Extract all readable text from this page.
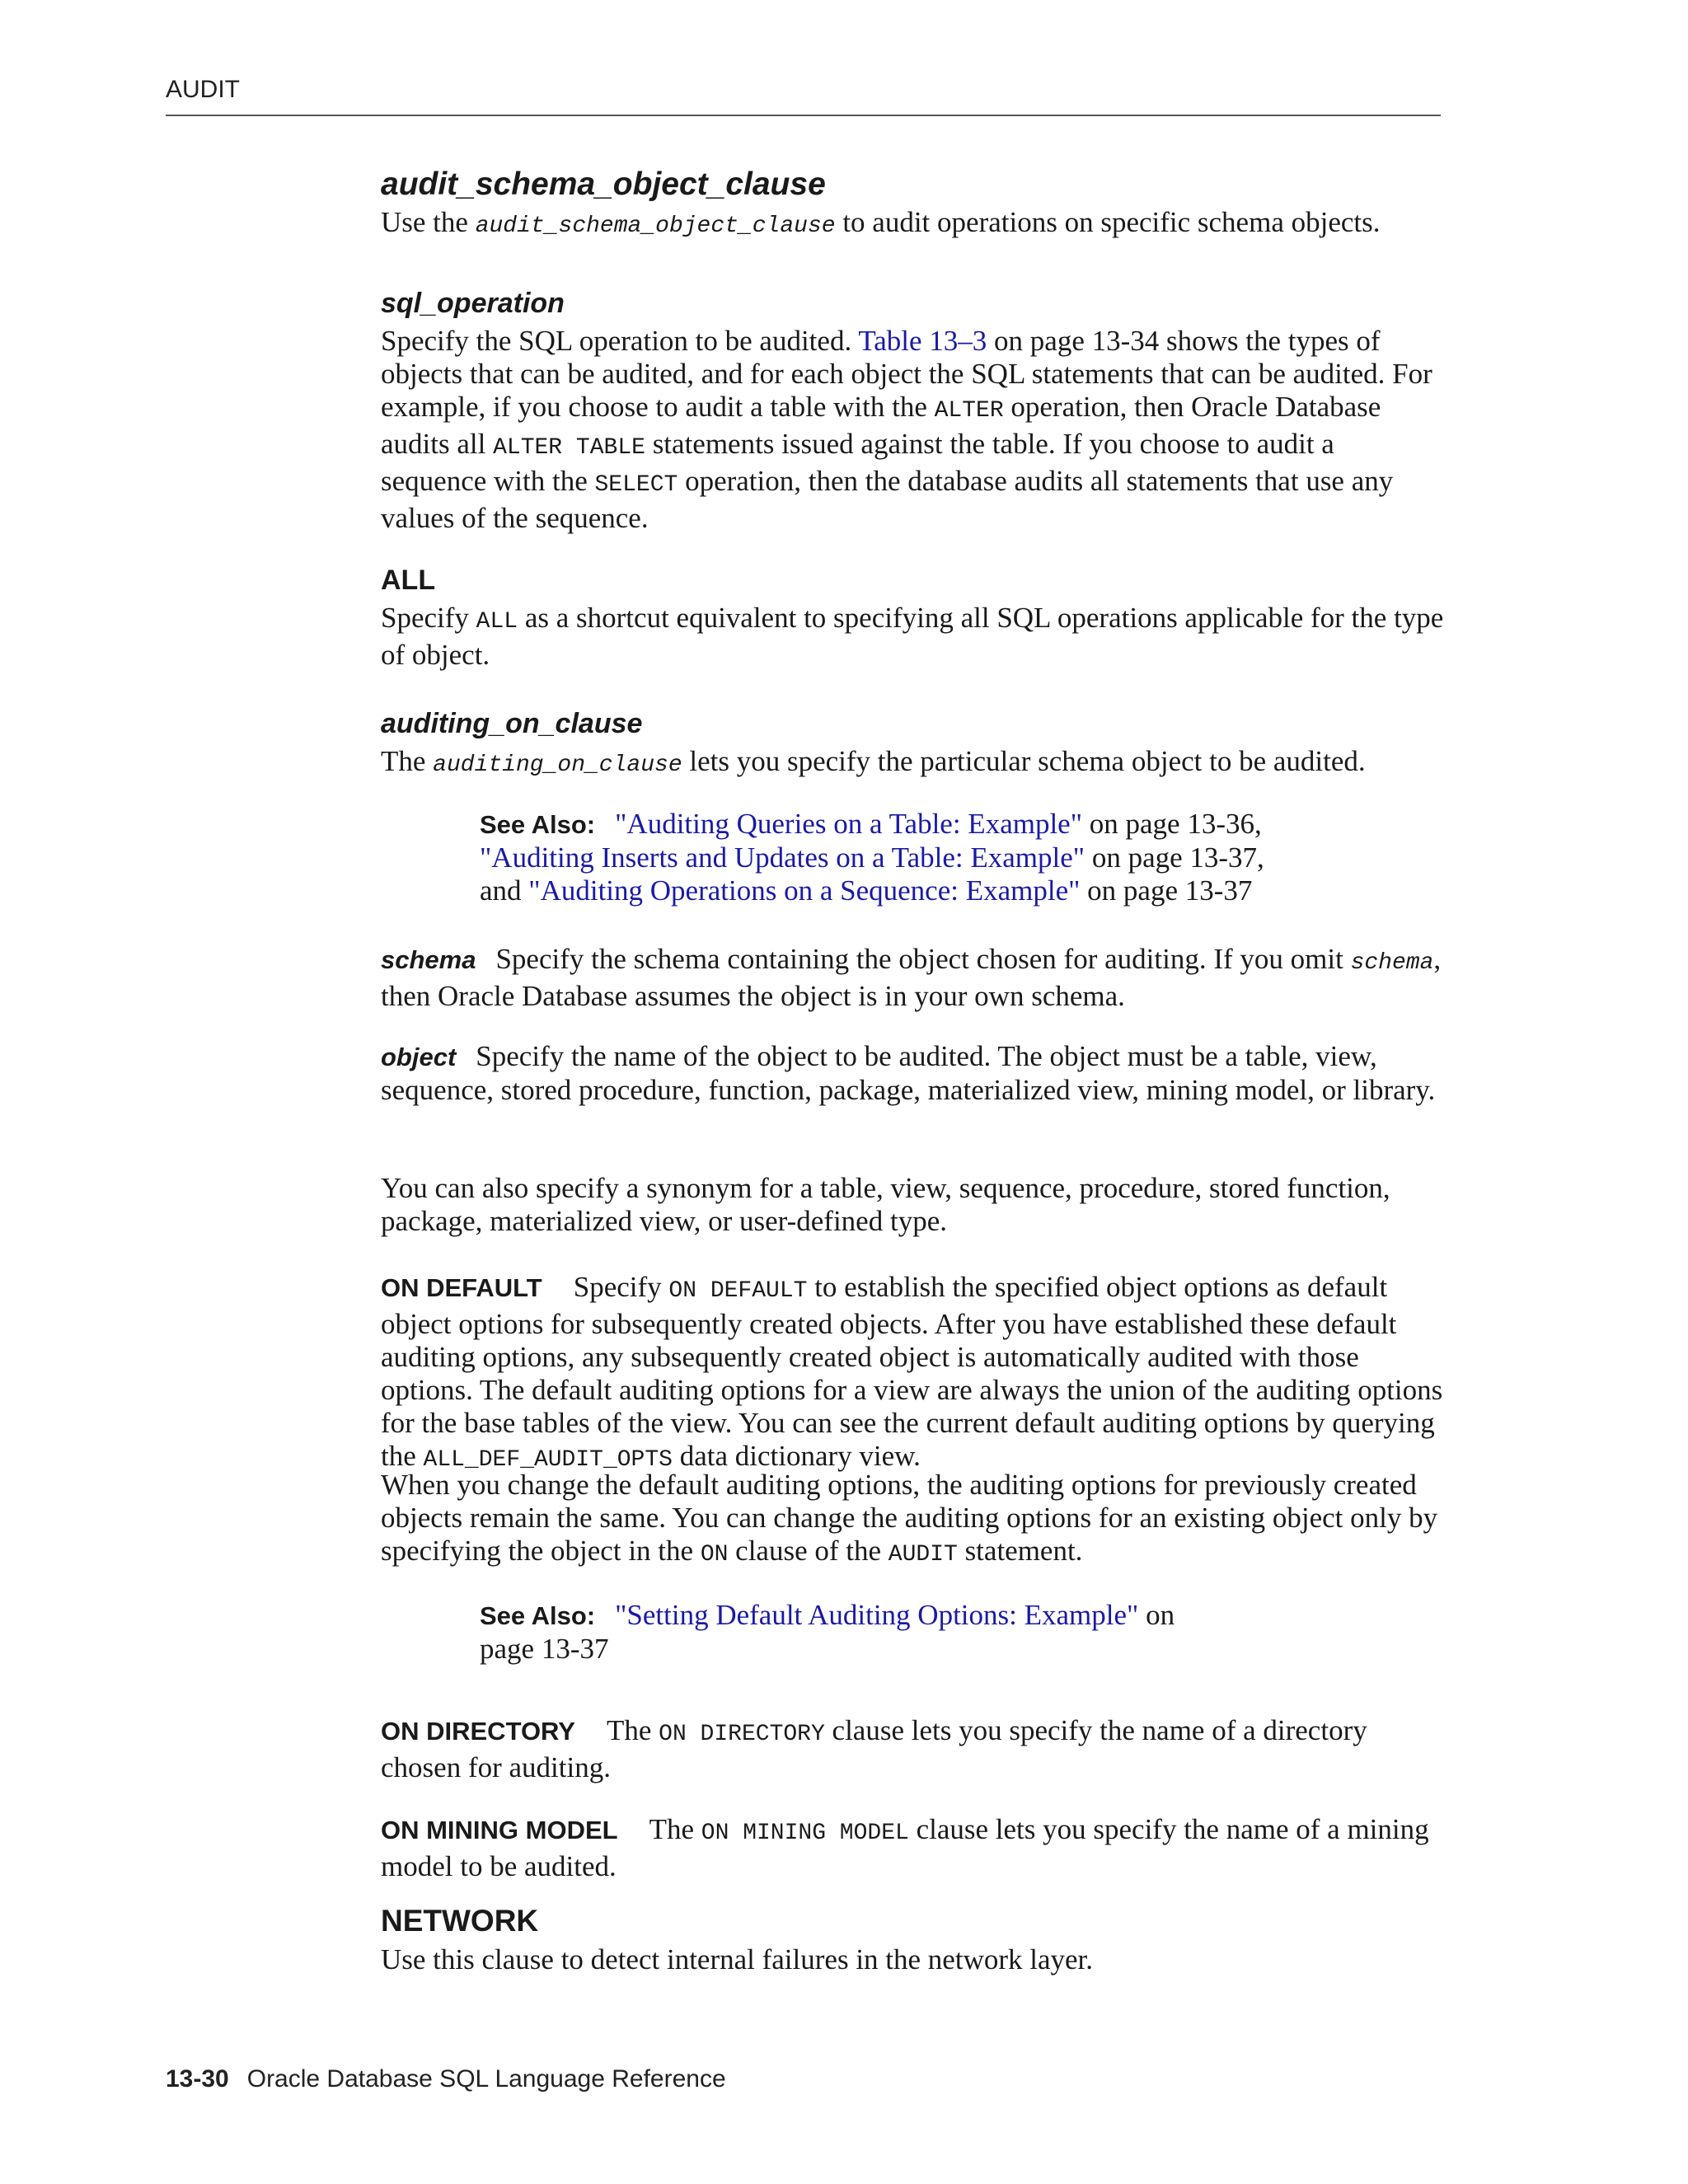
AUDIT
audit_schema_object_clause

Use the audit_schema_object_clause to audit operations on specific schema objects.

sql_operation

Specify the SQL operation to be audited. Table 13–3 on page 13-34 shows the types of objects that can be audited, and for each object the SQL statements that can be audited. For example, if you choose to audit a table with the ALTER operation, then Oracle Database audits all ALTER TABLE statements issued against the table. If you choose to audit a sequence with the SELECT operation, then the database audits all statements that use any values of the sequence.

ALL

Specify ALL as a shortcut equivalent to specifying all SQL operations applicable for the type of object.

auditing_on_clause

The auditing_on_clause lets you specify the particular schema object to be audited.

See Also: "Auditing Queries on a Table: Example" on page 13-36,
"Auditing Inserts and Updates on a Table: Example" on page 13-37,
and "Auditing Operations on a Sequence: Example" on page 13-37

schema Specify the schema containing the object chosen for auditing. If you omit schema, then Oracle Database assumes the object is in your own schema.

object Specify the name of the object to be audited. The object must be a table, view, sequence, stored procedure, function, package, materialized view, mining model, or library.

You can also specify a synonym for a table, view, sequence, procedure, stored function, package, materialized view, or user-defined type.

ON DEFAULT Specify ON DEFAULT to establish the specified object options as default object options for subsequently created objects. After you have established these default auditing options, any subsequently created object is automatically audited with those options. The default auditing options for a view are always the union of the auditing options for the base tables of the view. You can see the current default auditing options by querying the ALL_DEF_AUDIT_OPTS data dictionary view.

When you change the default auditing options, the auditing options for previously created objects remain the same. You can change the auditing options for an existing object only by specifying the object in the ON clause of the AUDIT statement.

See Also: "Setting Default Auditing Options: Example" on
page 13-37

ON DIRECTORY The ON DIRECTORY clause lets you specify the name of a directory chosen for auditing.

ON MINING MODEL The ON MINING MODEL clause lets you specify the name of a mining model to be audited.

NETWORK

Use this clause to detect internal failures in the network layer.

13-30 Oracle Database SQL Language Reference
